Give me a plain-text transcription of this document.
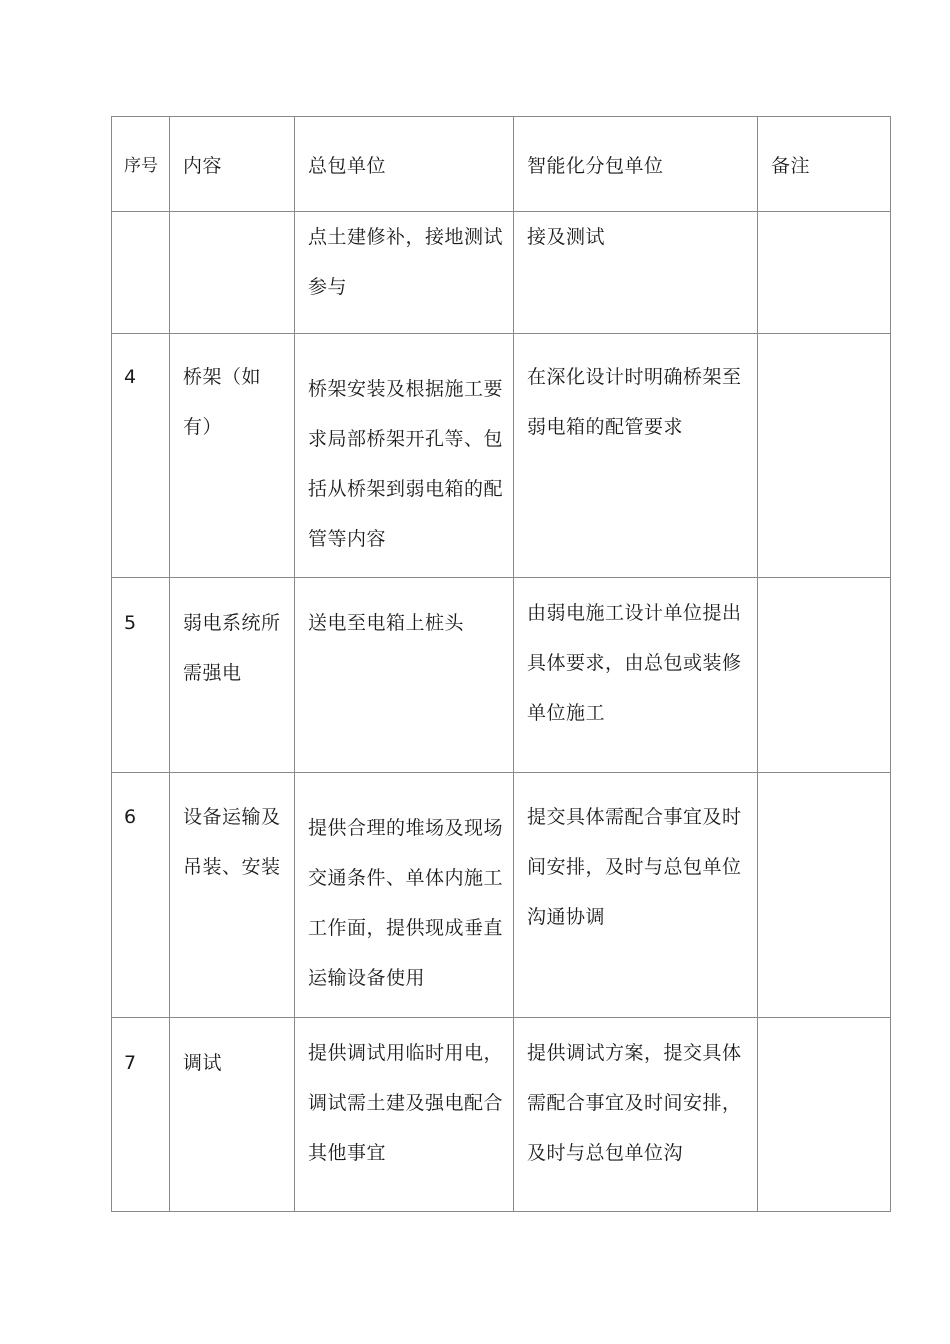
序号	内容	总包单位	智能化分包单位	备注

		点土建修补，接地测试参与	接及测试	

4	桥架（如有）	桥架安装及根据施工要求局部桥架开孔等、包括从桥架到弱电箱的配管等内容	在深化设计时明确桥架至弱电箱的配管要求	

5	弱电系统所需强电	送电至电箱上桩头	由弱电施工设计单位提出具体要求，由总包或装修单位施工	

6	设备运输及吊装、安装	提供合理的堆场及现场交通条件、单体内施工工作面，提供现成垂直运输设备使用	提交具体需配合事宜及时间安排，及时与总包单位沟通协调	

7	调试	提供调试用临时用电，调试需土建及强电配合其他事宜	提供调试方案，提交具体需配合事宜及时间安排，及时与总包单位沟	
